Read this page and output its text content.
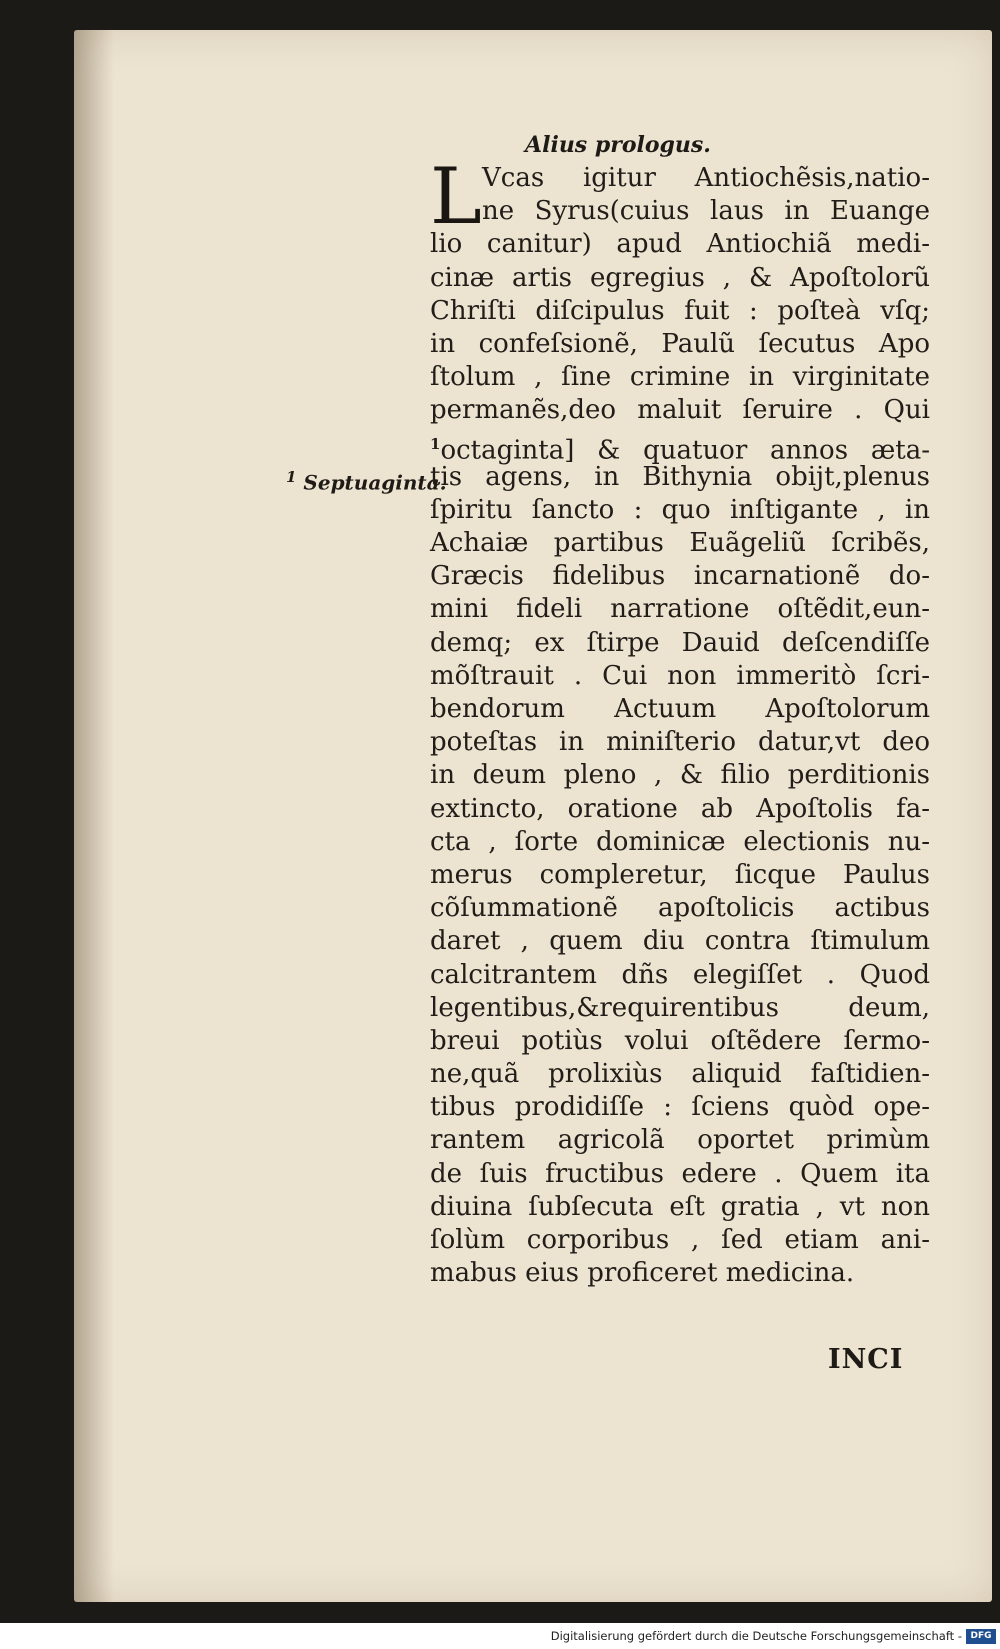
Alius prologus.
$^1$ Septuaginta.
L Vcas igitur Antiochẽsis,natio-
ne Syrus(cuius laus in Euange
lio canitur) apud Antiochiã medi-
cinæ artis egregius , & Apoſtolorũ
Chriſti diſcipulus fuit : poſteà vſq;
in confeſsionẽ, Paulũ ſecutus Apo
ſtolum , ſine crimine in virginitate
permanẽs,deo maluit ſeruire . Qui
$^1$octaginta] & quatuor annos æta-
tis agens, in Bithynia obijt,plenus
ſpiritu ſancto : quo inſtigante , in
Achaiæ partibus Euãgeliũ ſcribẽs,
Græcis fidelibus incarnationẽ do-
mini fideli narratione oſtẽdit,eun-
demq; ex ſtirpe Dauid deſcendiſſe
mõſtrauit . Cui non immeritò ſcri-
bendorum Actuum Apoſtolorum
poteſtas in miniſterio datur,vt deo
in deum pleno , & filio perditionis
extincto, oratione ab Apoſtolis fa-
cta , ſorte dominicæ electionis nu-
merus compleretur, ſicque Paulus
cõſummationẽ apoſtolicis actibus
daret , quem diu contra ſtimulum
calcitrantem dñs elegiſſet . Quod
legentibus,&requirentibus deum,
breui potiùs volui oſtẽdere ſermo-
ne,quã prolixiùs aliquid faſtidien-
tibus prodidiſſe : ſciens quòd ope-
rantem agricolã oportet primùm
de ſuis fructibus edere . Quem ita
diuina ſubſecuta eſt gratia , vt non
ſolùm corporibus , ſed etiam ani-
mabus eius proficeret medicina.
INCI
Digitalisierung gefördert durch die Deutsche Forschungsgemeinschaft - DFG
